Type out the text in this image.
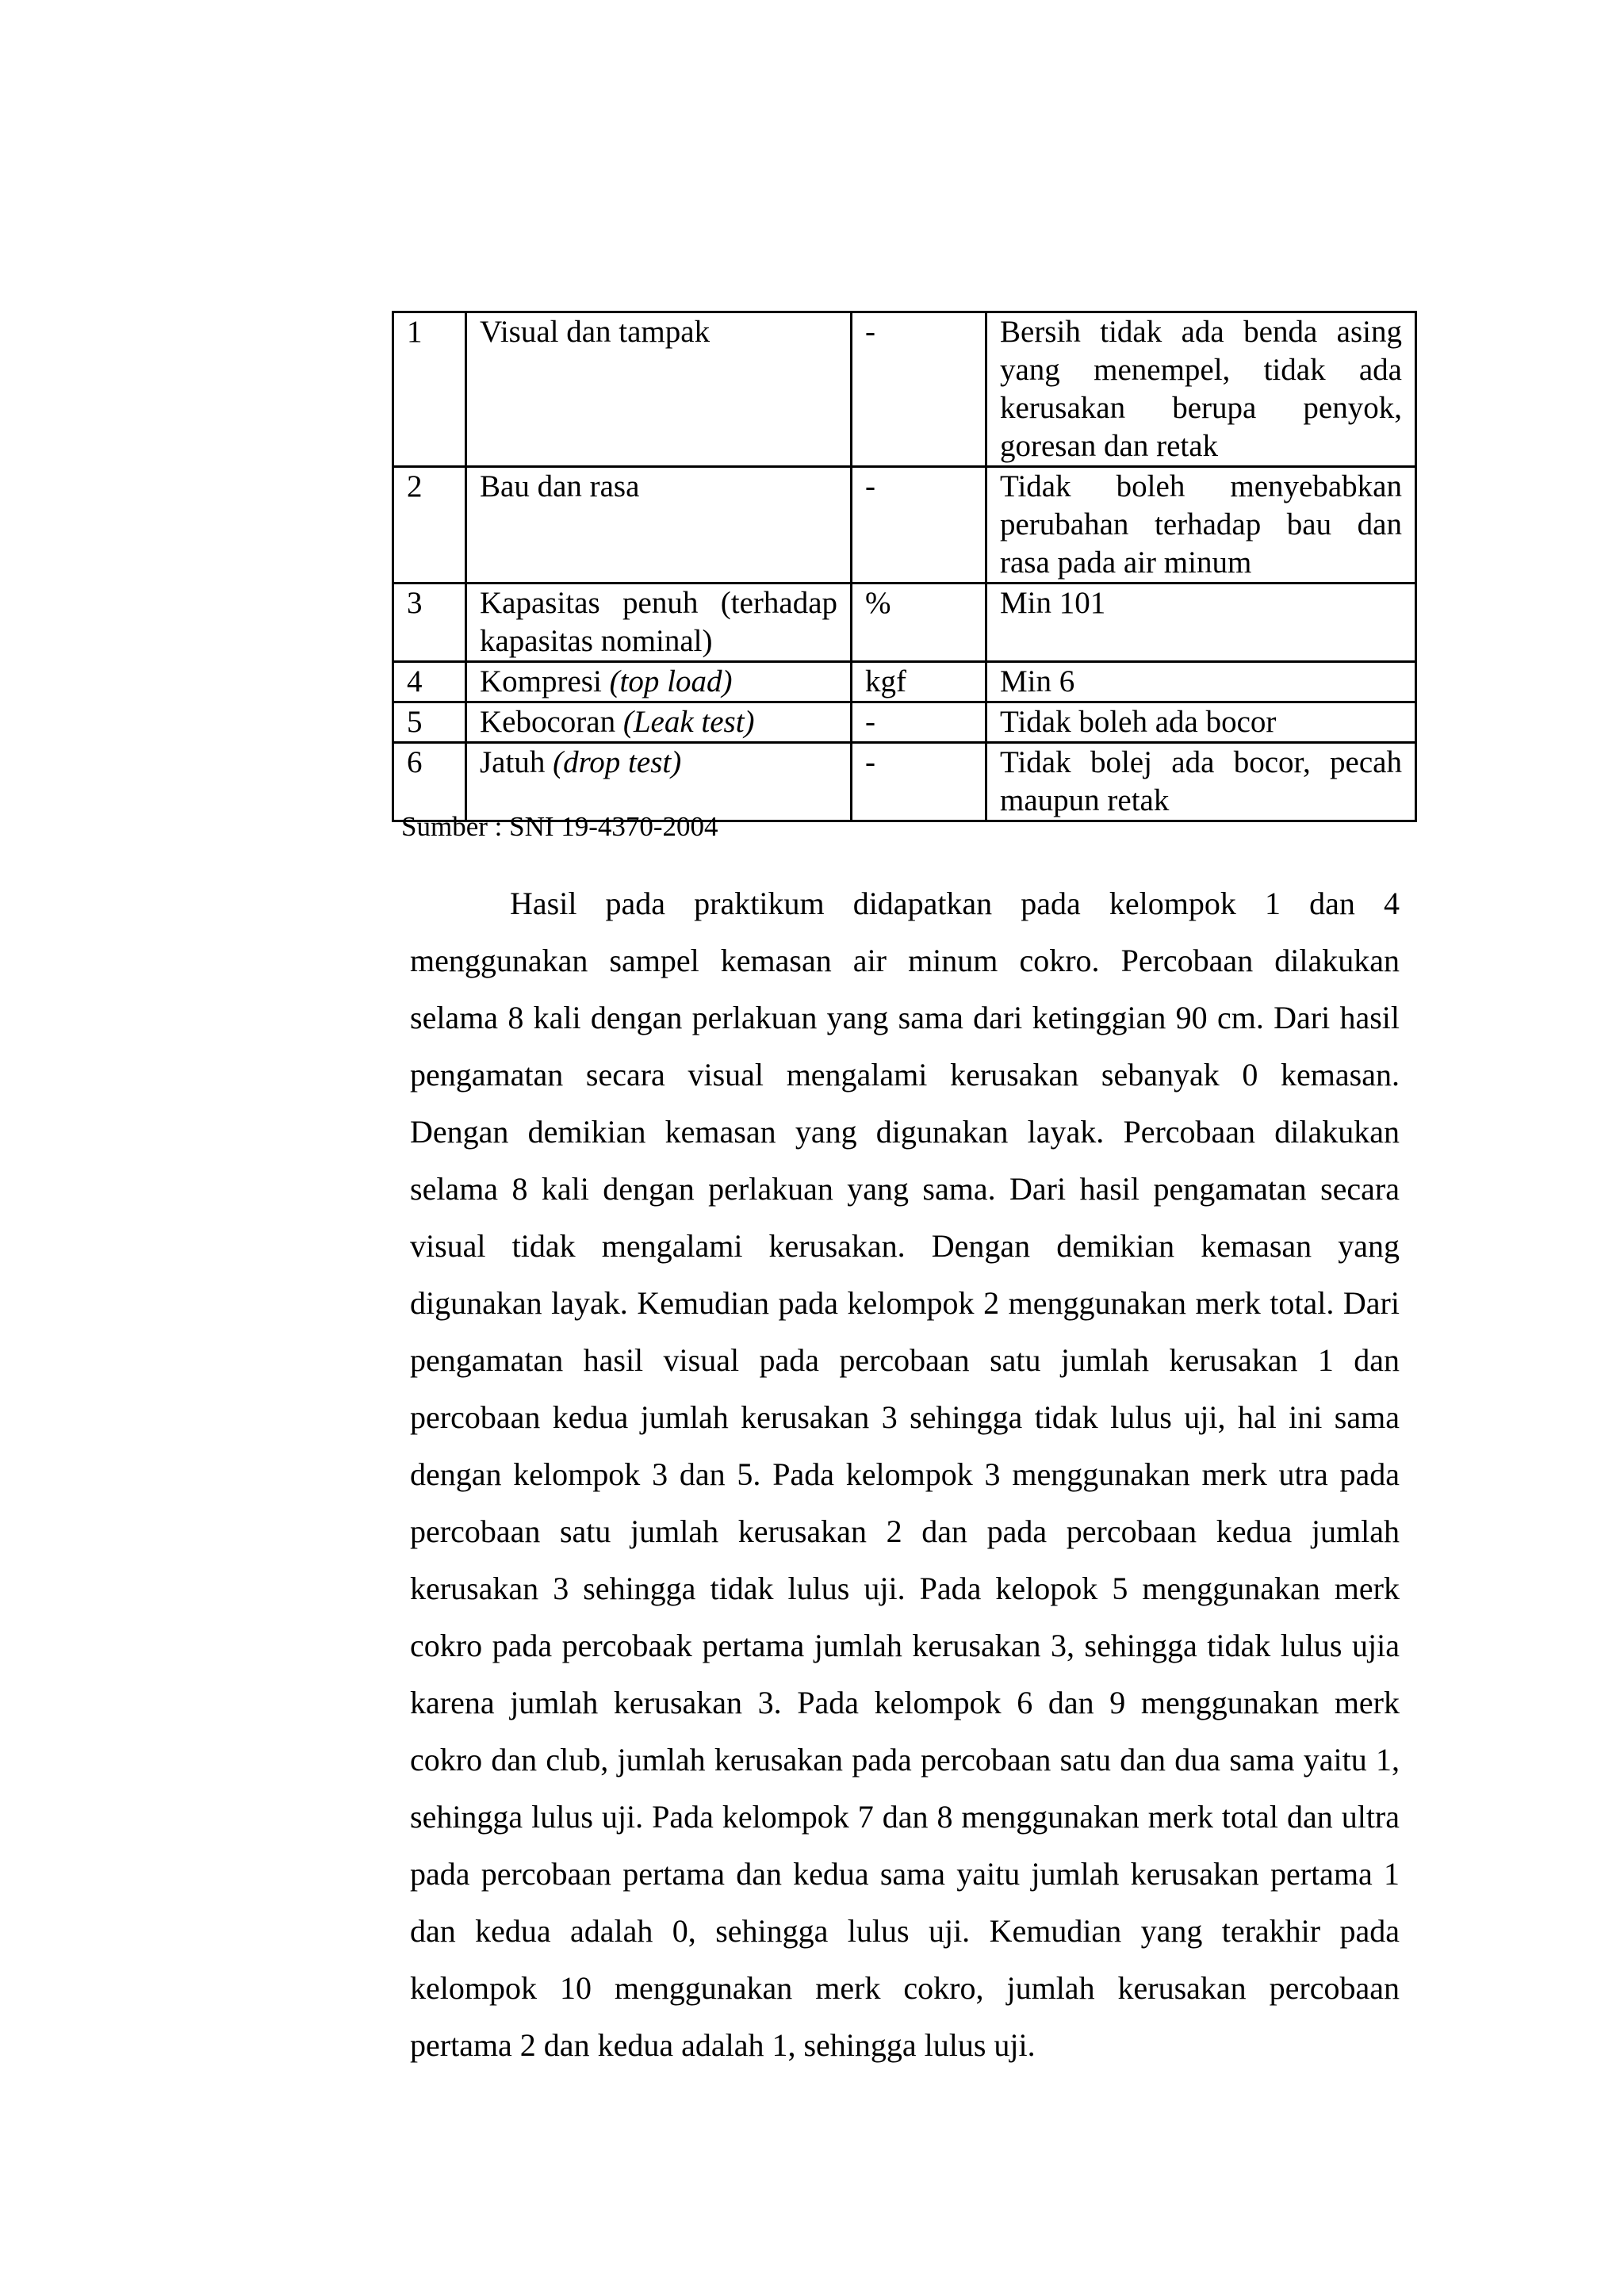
1	Visual dan tampak	-	Bersih tidak ada benda asing yang menempel, tidak ada kerusakan berupa penyok, goresan dan retak
2	Bau dan rasa	-	Tidak boleh menyebabkan perubahan terhadap bau dan rasa pada air minum
3	Kapasitas penuh (terhadap kapasitas nominal)	%	Min 101
4	Kompresi (top load)	kgf	Min 6
5	Kebocoran (Leak test)	-	Tidak boleh ada bocor
6	Jatuh (drop test)	-	Tidak bolej ada bocor, pecah maupun retak
Sumber : SNI 19-4370-2004

Hasil pada praktikum didapatkan pada kelompok 1 dan 4 menggunakan sampel kemasan air minum cokro. Percobaan dilakukan selama 8 kali dengan perlakuan yang sama dari ketinggian 90 cm. Dari hasil pengamatan secara visual mengalami kerusakan sebanyak 0 kemasan. Dengan demikian kemasan yang digunakan layak. Percobaan dilakukan selama 8 kali dengan perlakuan yang sama. Dari hasil pengamatan secara visual tidak mengalami kerusakan. Dengan demikian kemasan yang digunakan layak. Kemudian pada kelompok 2 menggunakan merk total. Dari pengamatan hasil visual pada percobaan satu jumlah kerusakan 1 dan percobaan kedua jumlah kerusakan 3 sehingga tidak lulus uji, hal ini sama dengan kelompok 3 dan 5. Pada kelompok 3 menggunakan merk utra pada percobaan satu jumlah kerusakan 2 dan pada percobaan kedua jumlah kerusakan 3 sehingga tidak lulus uji. Pada kelopok 5 menggunakan merk cokro pada percobaak pertama jumlah kerusakan 3, sehingga tidak lulus ujia karena jumlah kerusakan 3. Pada kelompok 6 dan 9 menggunakan merk cokro dan club, jumlah kerusakan pada percobaan satu dan dua sama yaitu 1, sehingga lulus uji. Pada kelompok 7 dan 8 menggunakan merk total dan ultra pada percobaan pertama dan kedua sama yaitu jumlah kerusakan pertama 1 dan kedua adalah 0, sehingga lulus uji. Kemudian yang terakhir pada kelompok 10 menggunakan merk cokro, jumlah kerusakan percobaan pertama 2 dan kedua adalah 1, sehingga lulus uji.
